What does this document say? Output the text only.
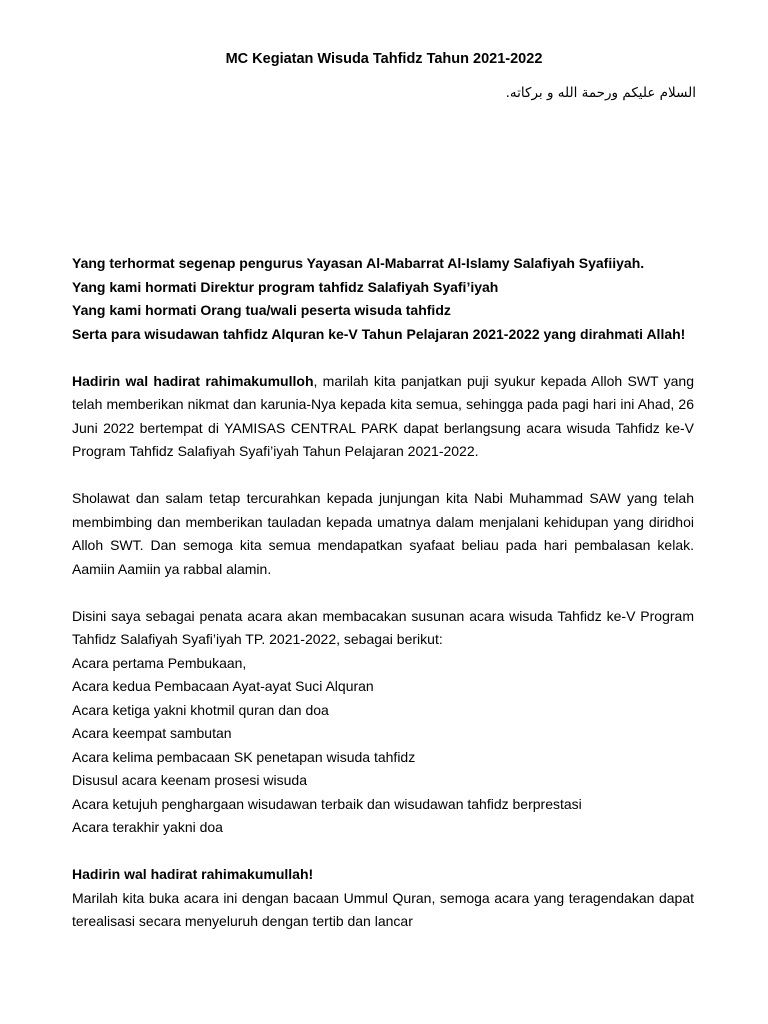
MC Kegiatan Wisuda Tahfidz Tahun 2021-2022
السلام عليكم ورحمة الله و بركاته.

Yang terhormat segenap pengurus Yayasan Al-Mabarrat Al-Islamy Salafiyah Syafiiyah.
Yang kami hormati Direktur program tahfidz Salafiyah Syafi’iyah
Yang kami hormati Orang tua/wali peserta wisuda tahfidz
Serta para wisudawan tahfidz Alquran ke-V Tahun Pelajaran 2021-2022 yang dirahmati Allah!

Hadirin wal hadirat rahimakumulloh, marilah kita panjatkan puji syukur kepada Alloh SWT yang telah memberikan nikmat dan karunia-Nya kepada kita semua, sehingga pada pagi hari ini Ahad, 26 Juni 2022 bertempat di YAMISAS CENTRAL PARK dapat berlangsung acara wisuda Tahfidz ke-V Program Tahfidz Salafiyah Syafi’iyah Tahun Pelajaran 2021-2022.

Sholawat dan salam tetap tercurahkan kepada junjungan kita Nabi Muhammad SAW yang telah membimbing dan memberikan tauladan kepada umatnya dalam menjalani kehidupan yang diridhoi Alloh SWT. Dan semoga kita semua mendapatkan syafaat beliau pada hari pembalasan kelak. Aamiin Aamiin ya rabbal alamin.

Disini saya sebagai penata acara akan membacakan susunan acara wisuda Tahfidz ke-V Program Tahfidz Salafiyah Syafi’iyah TP. 2021-2022, sebagai berikut:

Acara pertama Pembukaan,
Acara kedua Pembacaan Ayat-ayat Suci Alquran
Acara ketiga yakni khotmil quran dan doa
Acara keempat sambutan
Acara kelima pembacaan SK penetapan wisuda tahfidz
Disusul acara keenam prosesi wisuda
Acara ketujuh penghargaan wisudawan terbaik dan wisudawan tahfidz berprestasi
Acara terakhir yakni doa

Hadirin wal hadirat rahimakumullah!

Marilah kita buka acara ini dengan bacaan Ummul Quran, semoga acara yang teragendakan dapat terealisasi secara menyeluruh dengan tertib dan lancar
